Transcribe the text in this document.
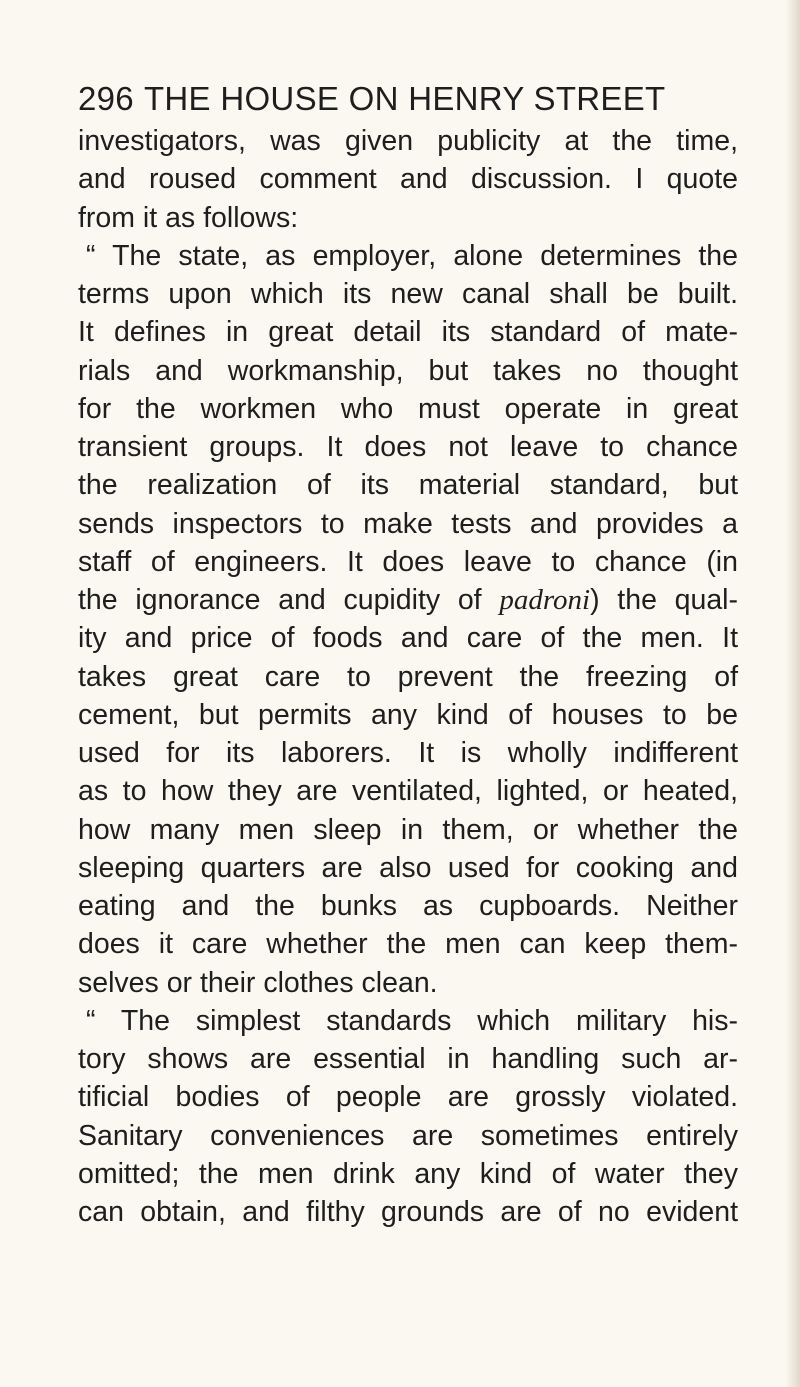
296 THE HOUSE ON HENRY STREET
investigators, was given publicity at the time,
and roused comment and discussion. I quote
from it as follows:
“ The state, as employer, alone determines the
terms upon which its new canal shall be built.
It defines in great detail its standard of mate-
rials and workmanship, but takes no thought
for the workmen who must operate in great
transient groups. It does not leave to chance
the realization of its material standard, but
sends inspectors to make tests and provides a
staff of engineers. It does leave to chance (in
the ignorance and cupidity of padroni) the qual-
ity and price of foods and care of the men. It
takes great care to prevent the freezing of
cement, but permits any kind of houses to be
used for its laborers. It is wholly indifferent
as to how they are ventilated, lighted, or heated,
how many men sleep in them, or whether the
sleeping quarters are also used for cooking and
eating and the bunks as cupboards. Neither
does it care whether the men can keep them-
selves or their clothes clean.
“ The simplest standards which military his-
tory shows are essential in handling such ar-
tificial bodies of people are grossly violated.
Sanitary conveniences are sometimes entirely
omitted; the men drink any kind of water they
can obtain, and filthy grounds are of no evident
